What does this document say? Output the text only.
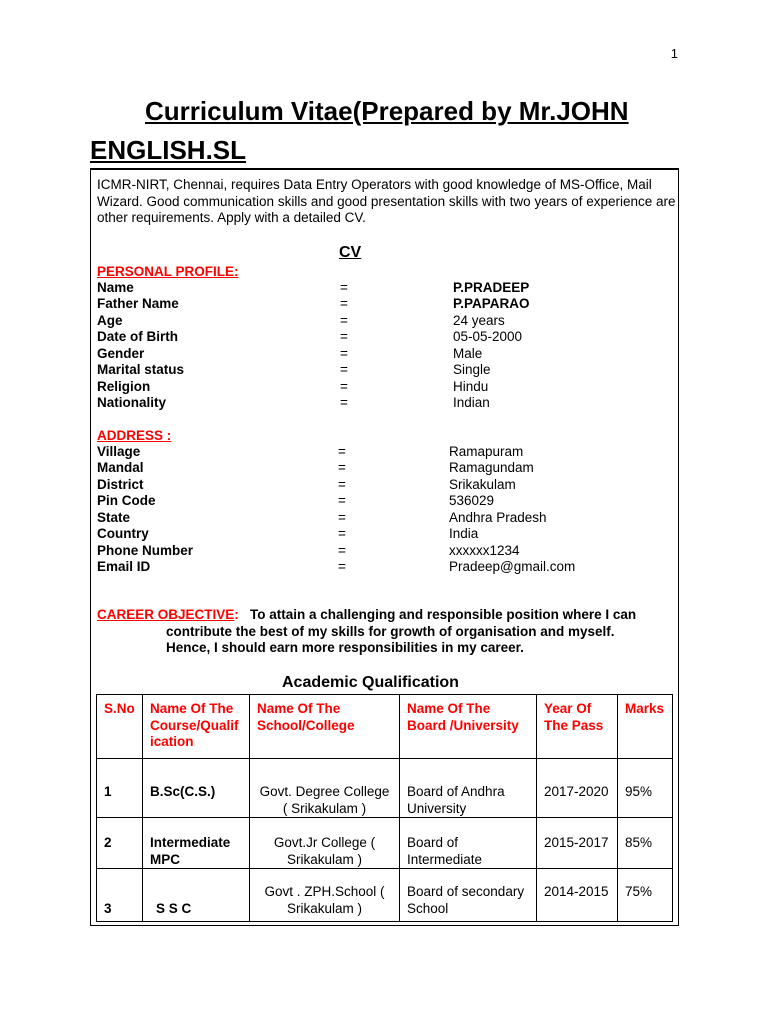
1
Curriculum Vitae(Prepared by Mr.JOHN ENGLISH.SL
ICMR-NIRT, Chennai, requires Data Entry Operators with good knowledge of MS-Office, Mail Wizard. Good communication skills and good presentation skills with two years of experience are other requirements. Apply with a detailed CV.
CV
PERSONAL PROFILE:
Name	=	P.PRADEEP
Father Name	=	P.PAPARAO
Age	=	24 years
Date of Birth	=	05-05-2000
Gender	=	Male
Marital status	=	Single
Religion	=	Hindu
Nationality	=	Indian
ADDRESS :
Village	=	Ramapuram
Mandal	=	Ramagundam
District	=	Srikakulam
Pin Code	=	536029
State	=	Andhra Pradesh
Country	=	India
Phone Number	=	xxxxxx1234
Email ID	=	Pradeep@gmail.com
CAREER OBJECTIVE: To attain a challenging and responsible position where I can
contribute the best of my skills for growth of organisation and myself.
Hence, I should earn more responsibilities in my career.
Academic Qualification
S.No	Name Of The Course/Qualification	Name Of The School/College	Name Of The Board /University	Year Of The Pass	Marks
1	B.Sc(C.S.)	Govt. Degree College ( Srikakulam )	Board of Andhra University	2017-2020	95%
2	Intermediate MPC	Govt.Jr College ( Srikakulam )	Board of Intermediate	2015-2017	85%
3	S S C	Govt . ZPH.School ( Srikakulam )	Board of secondary School	2014-2015	75%
